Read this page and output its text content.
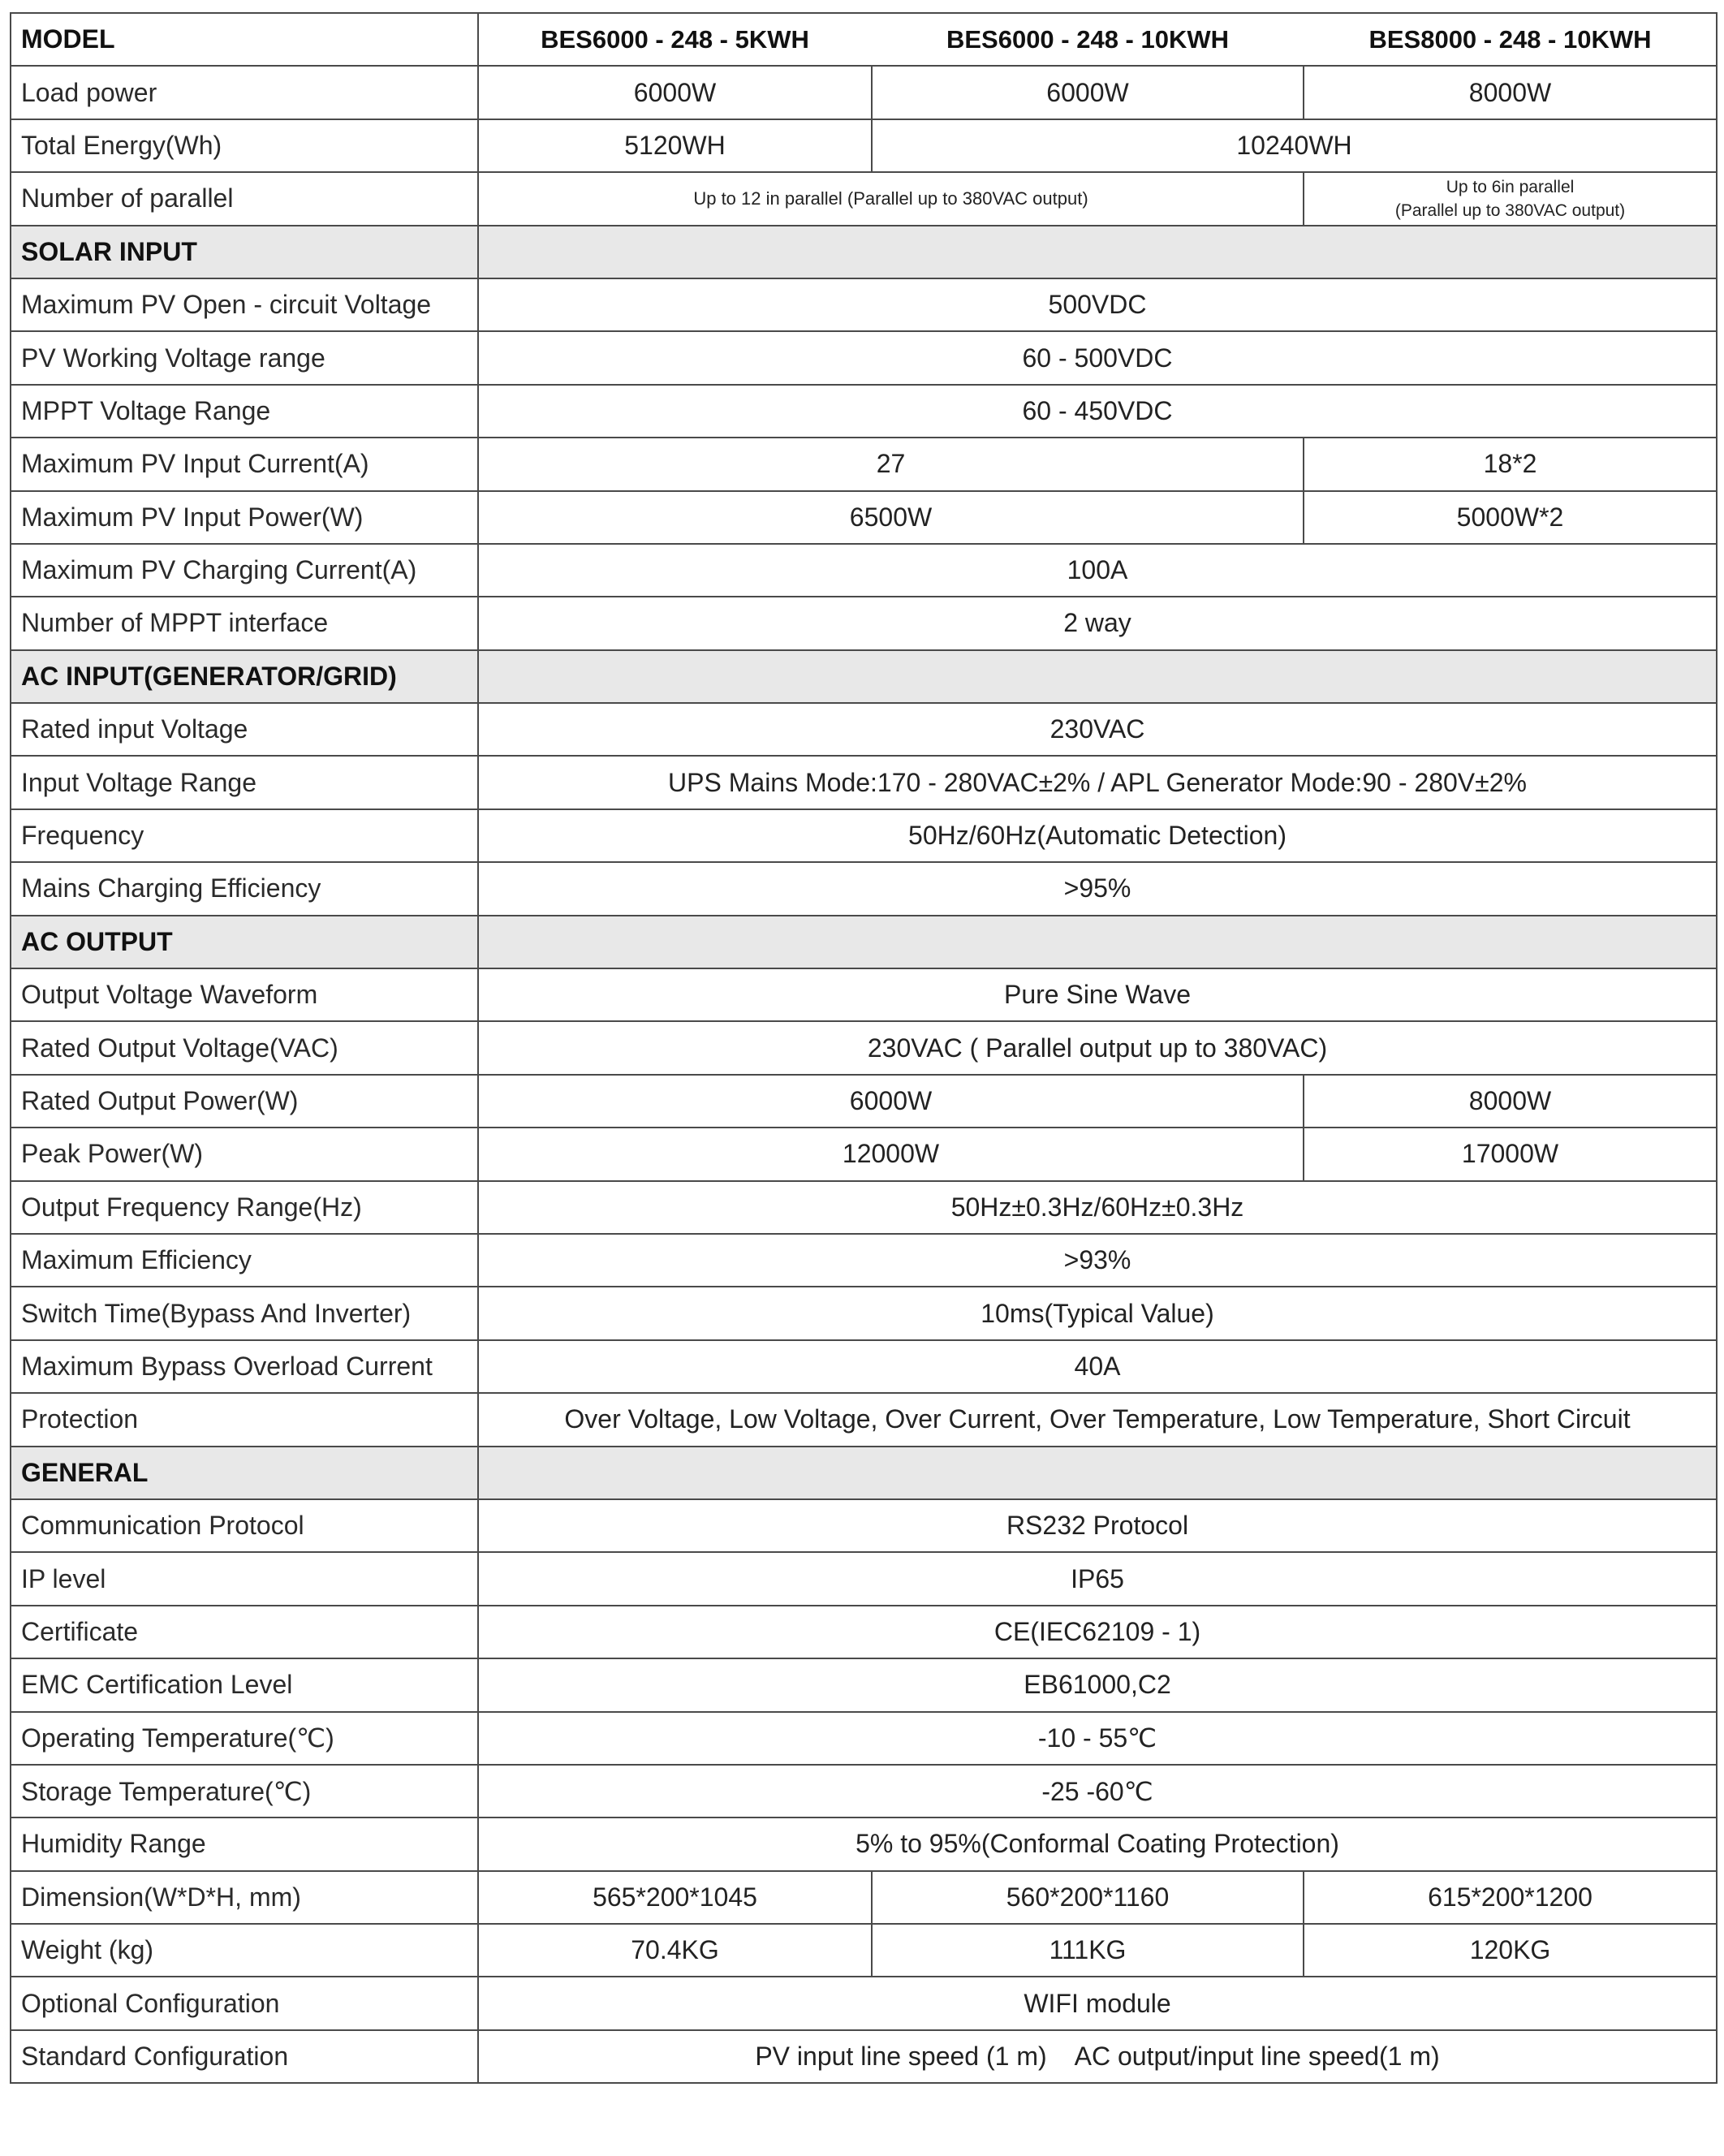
MODEL	BES6000 - 248 - 5KWH	BES6000 - 248 - 10KWH	BES8000 - 248 - 10KWH
Load power	6000W	6000W	8000W
Total Energy(Wh)	5120WH	10240WH	
Number of parallel	Up to 12 in parallel (Parallel up to 380VAC output)		Up to 6in parallel
(Parallel up to 380VAC output)
SOLAR INPUT			
Maximum PV Open - circuit Voltage	500VDC		
PV Working Voltage range	60 - 500VDC		
MPPT Voltage Range	60 - 450VDC		
Maximum PV Input Current(A)	27		18*2
Maximum PV Input Power(W)	6500W		5000W*2
Maximum PV Charging Current(A)	100A		
Number of MPPT interface	2 way		
AC INPUT(GENERATOR/GRID)			
Rated input Voltage	230VAC		
Input Voltage Range	UPS Mains Mode:170 - 280VAC±2% / APL Generator Mode:90 - 280V±2%		
Frequency	50Hz/60Hz(Automatic Detection)		
Mains Charging Efficiency	>95%		
AC OUTPUT			
Output Voltage Waveform	Pure Sine Wave		
Rated Output Voltage(VAC)	230VAC ( Parallel output up to 380VAC)		
Rated Output Power(W)	6000W		8000W
Peak Power(W)	12000W		17000W
Output Frequency Range(Hz)	50Hz±0.3Hz/60Hz±0.3Hz		
Maximum Efficiency	>93%		
Switch Time(Bypass And Inverter)	10ms(Typical Value)		
Maximum Bypass Overload Current	40A		
Protection	Over Voltage, Low Voltage, Over Current, Over Temperature, Low Temperature, Short Circuit		
GENERAL			
Communication Protocol	RS232 Protocol		
IP level	IP65		
Certificate	CE(IEC62109 - 1)		
EMC Certification Level	EB61000,C2		
Operating Temperature(℃)	-10 - 55℃		
Storage Temperature(℃)	-25 -60℃		
Humidity Range	5% to 95%(Conformal Coating Protection)		
Dimension(W*D*H, mm)	565*200*1045	560*200*1160	615*200*1200
Weight (kg)	70.4KG	111KG	120KG
Optional Configuration	WIFI module		
Standard Configuration	PV input line speed (1 m) AC output/input line speed(1 m)		
